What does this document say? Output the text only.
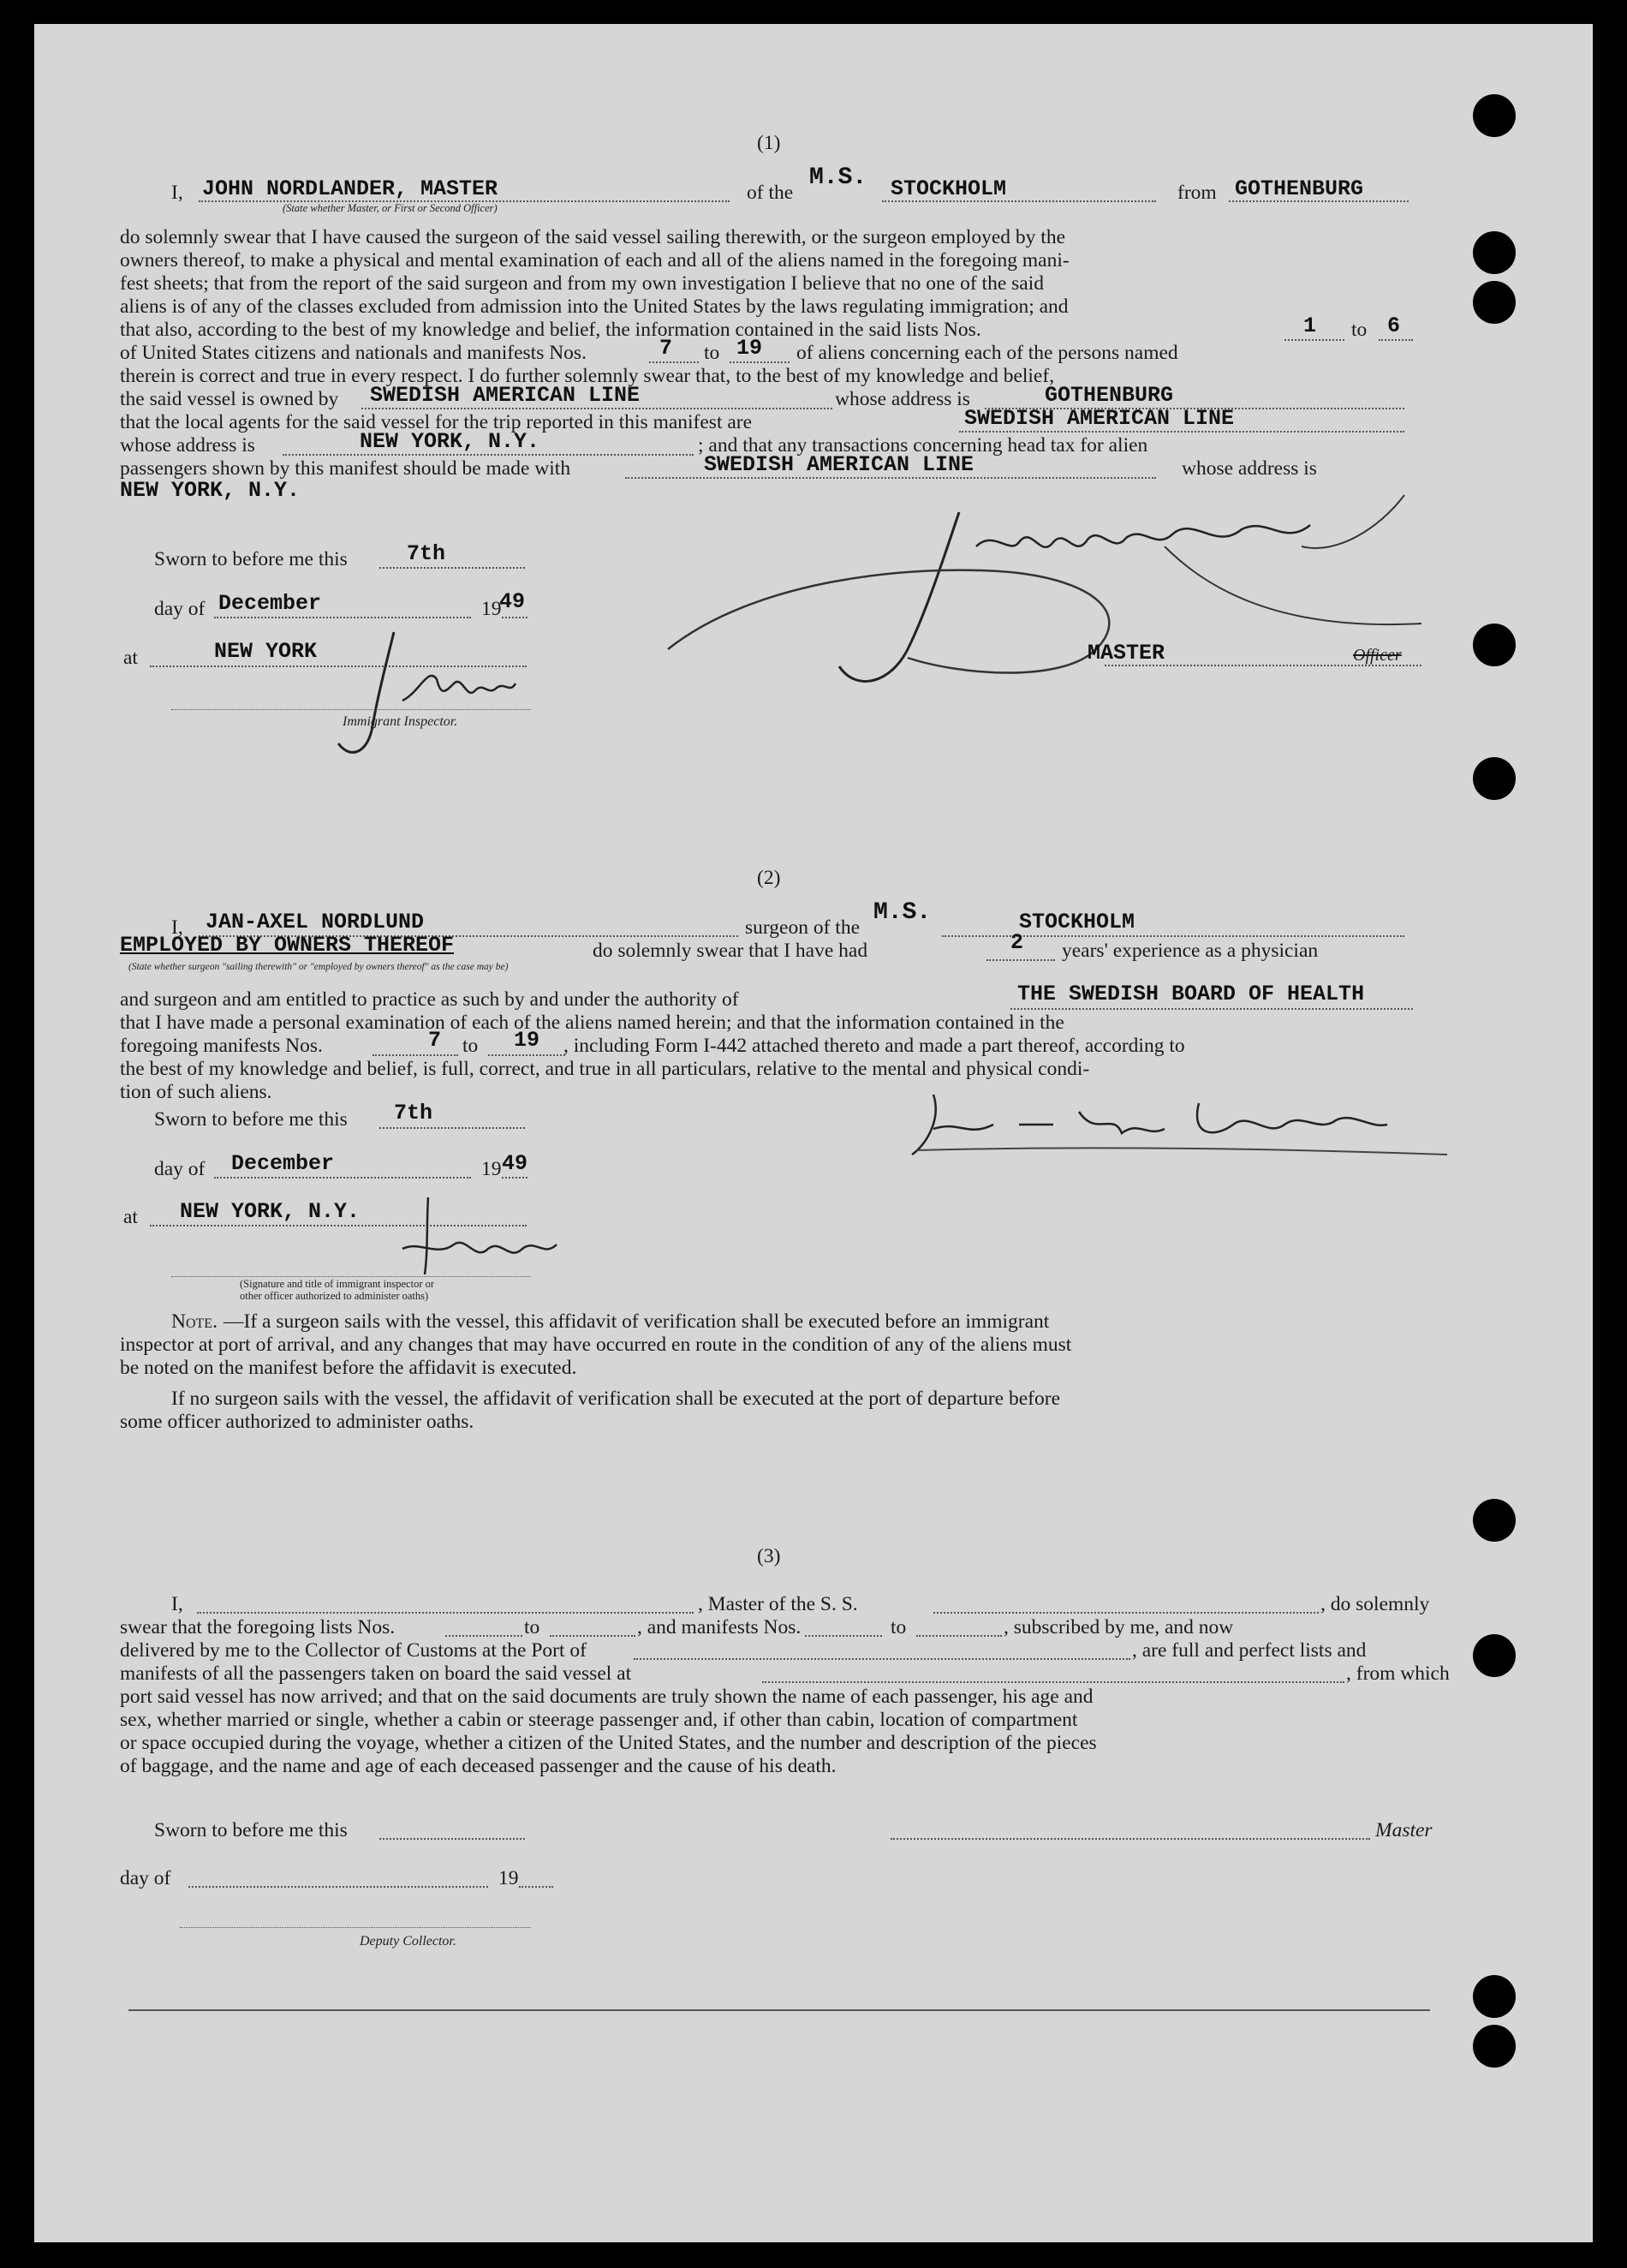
(1)
I, JOHN NORDLANDER, MASTER	of the
M.S. STOCKHOLM	from GOTHENBURG
(State whether Master, or First or Second Officer)
do solemnly swear that I have caused the surgeon of the said vessel sailing therewith, or the surgeon employed by the
owners thereof, to make a physical and mental examination of each and all of the aliens named in the foregoing mani-
fest sheets; that from the report of the said surgeon and from my own investigation I believe that no one of the said
aliens is of any of the classes excluded from admission into the United States by the laws regulating immigration; and
that also, according to the best of my knowledge and belief, the information contained in the said lists Nos.	1 to 6
of United States citizens and nationals and manifests Nos.	7 to 19 of aliens concerning each of the persons named
therein is correct and true in every respect. I do further solemnly swear that, to the best of my knowledge and belief,
the said vessel is owned by SWEDISH AMERICAN LINE	whose address is	GOTHENBURG
that the local agents for the said vessel for the trip reported in this manifest are	SWEDISH AMERICAN LINE
whose address is	NEW YORK, N.Y.	; and that any transactions concerning head tax for alien
passengers shown by this manifest should be made with	SWEDISH AMERICAN LINE	whose address is
NEW YORK, N.Y.
Sworn to before me this	7th
day of December	19
49
at	NEW YORK
Immigrant Inspector.
MASTER	Officer
(2)
I, JAN-AXEL NORDLUND	surgeon of the
M.S.	STOCKHOLM
EMPLOYED BY OWNERS THEREOF	do solemnly swear that I have had	2 years' experience as a physician
(State whether surgeon "sailing therewith" or "employed by owners thereof" as the case may be)
and surgeon and am entitled to practice as such by and under the authority of	THE SWEDISH BOARD OF HEALTH
that I have made a personal examination of each of the aliens named herein; and that the information contained in the
foregoing manifests Nos.	7 to 19 , including Form I-442 attached thereto and made a part thereof, according to
the best of my knowledge and belief, is full, correct, and true in all particulars, relative to the mental and physical condi-
tion of such aliens.
Sworn to before me this 7th
day of December	19 49
at NEW YORK, N.Y.
(Signature and title of immigrant inspector or
other officer authorized to administer oaths)
Note. —If a surgeon sails with the vessel, this affidavit of verification shall be executed before an immigrant
inspector at port of arrival, and any changes that may have occurred en route in the condition of any of the aliens must
be noted on the manifest before the affidavit is executed.
If no surgeon sails with the vessel, the affidavit of verification shall be executed at the port of departure before
some officer authorized to administer oaths.
(3)
I,	, Master of the S. S.	, do solemnly
swear that the foregoing lists Nos.	to	, and manifests Nos.	to	, subscribed by me, and now
delivered by me to the Collector of Customs at the Port of	, are full and perfect lists and
manifests of all the passengers taken on board the said vessel at	, from which
port said vessel has now arrived; and that on the said documents are truly shown the name of each passenger, his age and
sex, whether married or single, whether a cabin or steerage passenger and, if other than cabin, location of compartment
or space occupied during the voyage, whether a citizen of the United States, and the number and description of the pieces
of baggage, and the name and age of each deceased passenger and the cause of his death.
Sworn to before me this	Master
day of	19
Deputy Collector.
